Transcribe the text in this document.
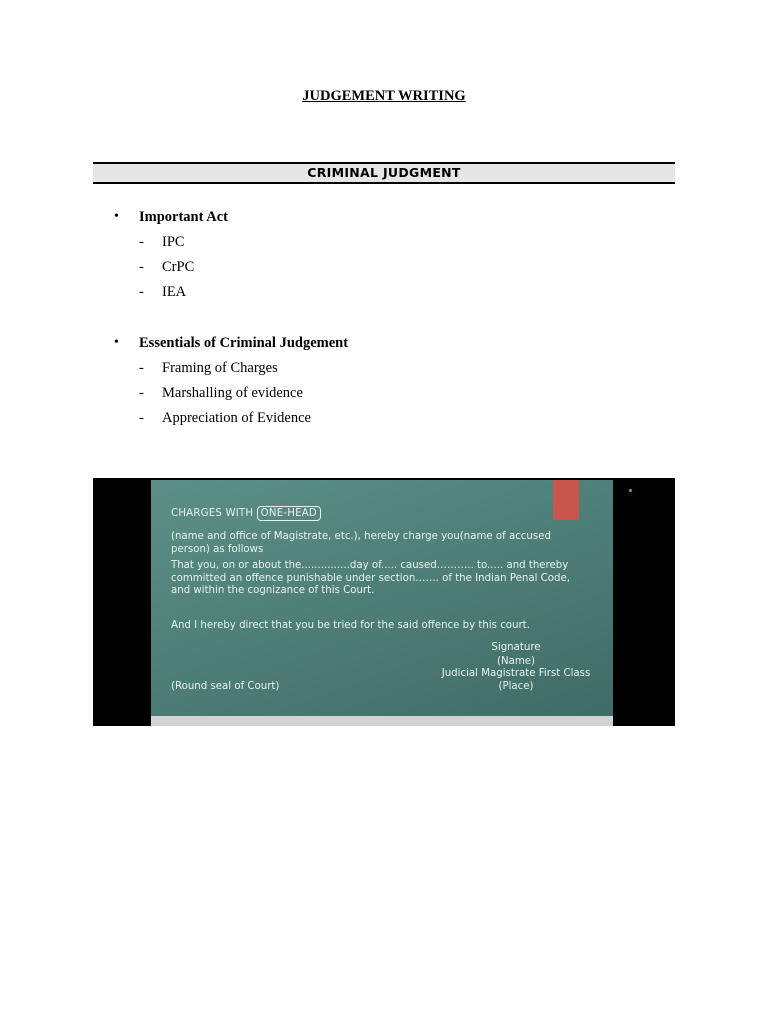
JUDGEMENT WRITING
CRIMINAL JUDGMENT
• Important Act
- IPC
- CrPC
- IEA
• Essentials of Criminal Judgement
- Framing of Charges
- Marshalling of evidence
- Appreciation of Evidence
CHARGES WITH ONE-HEAD
(name and office of Magistrate, etc.), hereby charge you(name of accused
person) as follows
That you, on or about the...............day of..... caused……….. to..... and thereby
committed an offence punishable under section……. of the Indian Penal Code,
and within the cognizance of this Court.
And I hereby direct that you be tried for the said offence by this court.
Signature
(Name)
Judicial Magistrate First Class
(Place)
(Round seal of Court)
